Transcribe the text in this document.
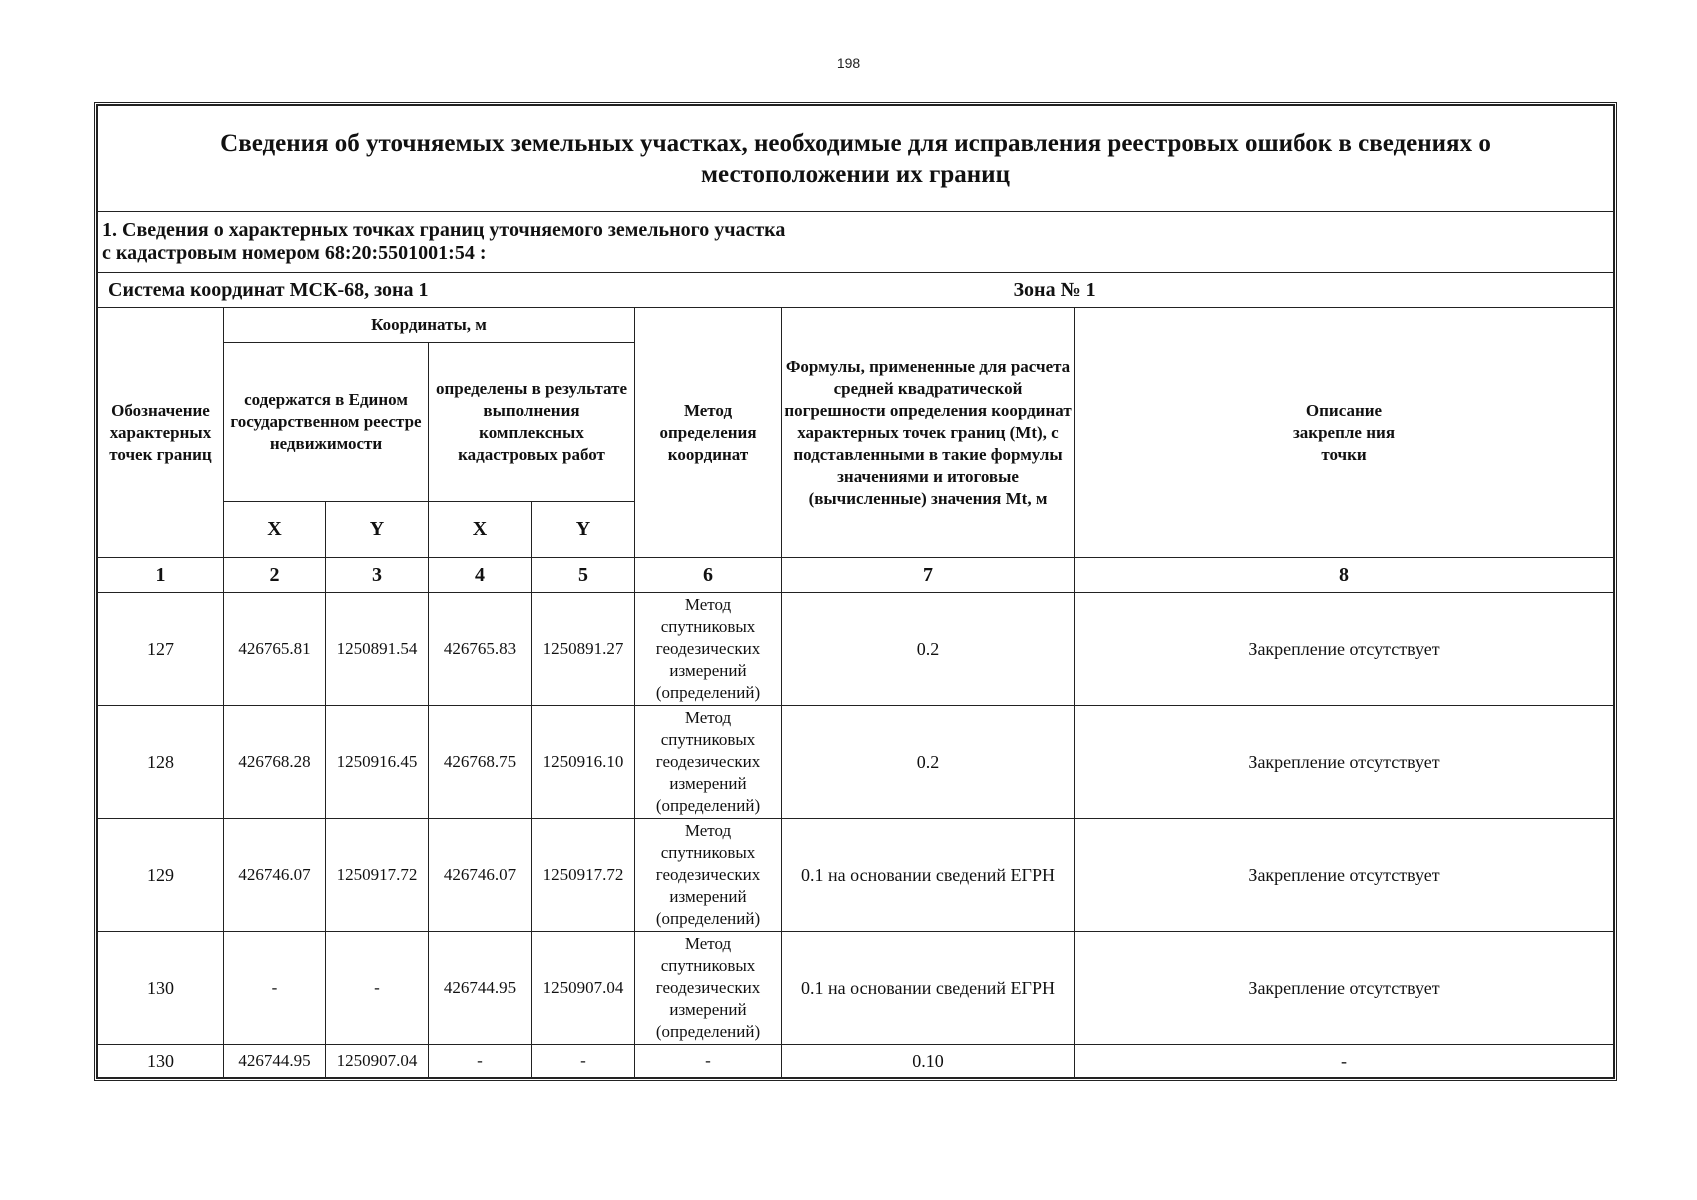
198
Сведения об уточняемых земельных участках, необходимые для исправления реестровых ошибок в сведениях о местоположении их границ							

1. Сведения о характерных точках границ уточняемого земельного участка
с кадастровым номером 68:20:5501001:54 :							

Система координат МСК-68, зона 1						Зона № 1	
Обозначение характерных точек границ	Координаты, м				Метод определения координат	Формулы, примененные для расчета средней квадратической погрешности определения координат характерных точек границ (Mt), с подставленными в такие формулы значениями и итоговые (вычисленные) значения Mt, м	Описание закрепле ния точки
	содержатся в Едином государственном реестре недвижимости		определены в результате выполнения комплексных кадастровых работ				
	X	Y	X	Y			
1	2	3	4	5	6	7	8
127	426765.81	1250891.54	426765.83	1250891.27	Метод спутниковых геодезических измерений (определений)	0.2	Закрепление отсутствует
128	426768.28	1250916.45	426768.75	1250916.10	Метод спутниковых геодезических измерений (определений)	0.2	Закрепление отсутствует
129	426746.07	1250917.72	426746.07	1250917.72	Метод спутниковых геодезических измерений (определений)	0.1 на основании сведений ЕГРН	Закрепление отсутствует
130	-	-	426744.95	1250907.04	Метод спутниковых геодезических измерений (определений)	0.1 на основании сведений ЕГРН	Закрепление отсутствует
130	426744.95	1250907.04	-	-	-	0.10	-
